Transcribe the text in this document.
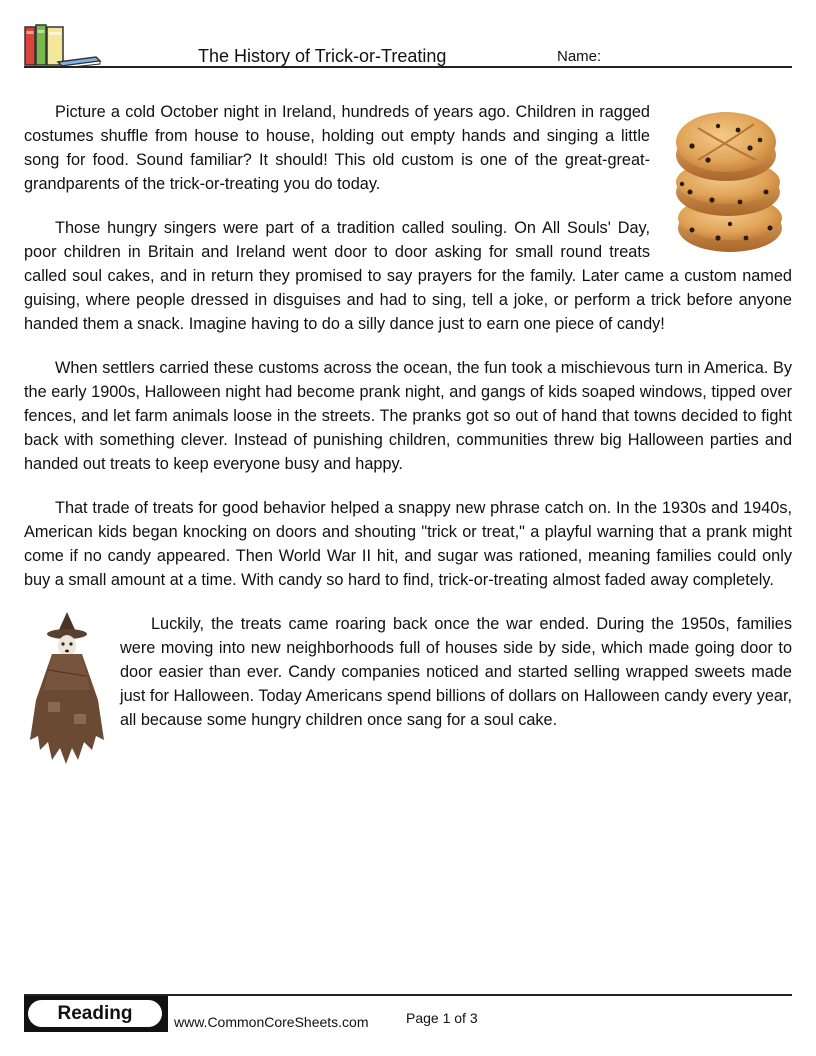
The History of Trick-or-Treating	Name:

Picture a cold October night in Ireland, hundreds of years ago. Children in ragged costumes shuffle from house to house, holding out empty hands and singing a little song for food. Sound familiar? It should! This old custom is one of the great-great-grandparents of the trick-or-treating you do today.

Those hungry singers were part of a tradition called souling. On All Souls' Day, poor children in Britain and Ireland went door to door asking for small round treats called soul cakes, and in return they promised to say prayers for the family. Later came a custom named guising, where people dressed in disguises and had to sing, tell a joke, or perform a trick before anyone handed them a snack. Imagine having to do a silly dance just to earn one piece of candy!

When settlers carried these customs across the ocean, the fun took a mischievous turn in America. By the early 1900s, Halloween night had become prank night, and gangs of kids soaped windows, tipped over fences, and let farm animals loose in the streets. The pranks got so out of hand that towns decided to fight back with something clever. Instead of punishing children, communities threw big Halloween parties and handed out treats to keep everyone busy and happy.

That trade of treats for good behavior helped a snappy new phrase catch on. In the 1930s and 1940s, American kids began knocking on doors and shouting "trick or treat," a playful warning that a prank might come if no candy appeared. Then World War II hit, and sugar was rationed, meaning families could only buy a small amount at a time. With candy so hard to find, trick-or-treating almost faded away completely.

Luckily, the treats came roaring back once the war ended. During the 1950s, families were moving into new neighborhoods full of houses side by side, which made going door to door easier than ever. Candy companies noticed and started selling wrapped sweets made just for Halloween. Today Americans spend billions of dollars on Halloween candy every year, all because some hungry children once sang for a soul cake.

Reading	www.CommonCoreSheets.com	Page 1 of 3
